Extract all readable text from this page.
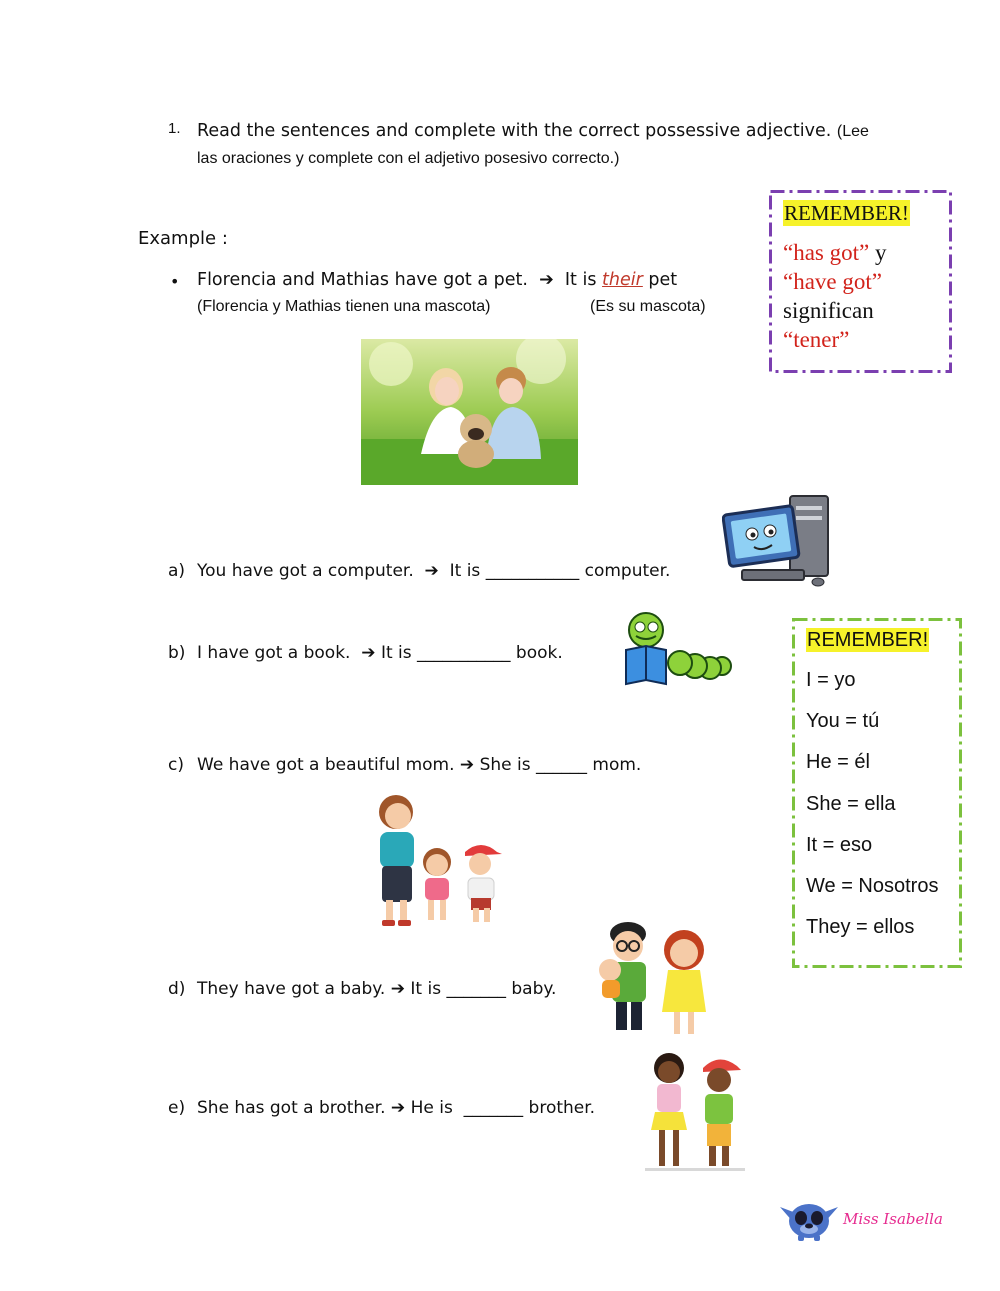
1. Read the sentences and complete with the correct possessive adjective. (Lee
las oraciones y complete con el adjetivo posesivo correcto.)
Example :
• Florencia and Mathias have got a pet. ➔ It is their pet
(Florencia y Mathias tienen una mascota)	(Es su mascota)
REMEMBER!
“has got” y
“have got”
significan
“tener”
REMEMBER!
I = yo
You = tú
He = él
She = ella
It = eso
We = Nosotros
They = ellos
a) You have got a computer. ➔ It is ___________ computer.
b) I have got a book. ➔ It is ___________ book.
c) We have got a beautiful mom. ➔ She is ______ mom.
d) They have got a baby. ➔ It is _______ baby.
e) She has got a brother. ➔ He is _______ brother.
Miss Isabella
